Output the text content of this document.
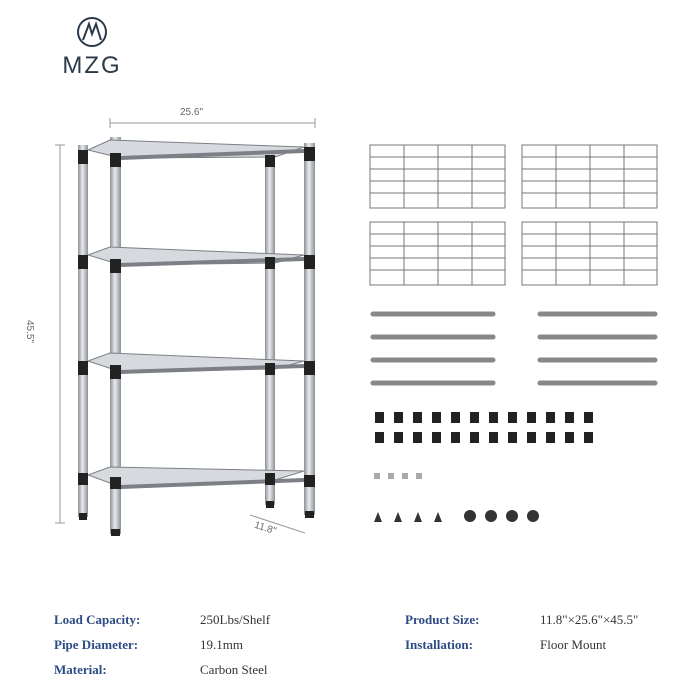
MZG
25.6"
45.5"
11.8"
Load Capacity:	250Lbs/Shelf
Pipe Diameter:	19.1mm
Material:	Carbon Steel
Product Size:	11.8"×25.6"×45.5"
Installation:	Floor Mount
